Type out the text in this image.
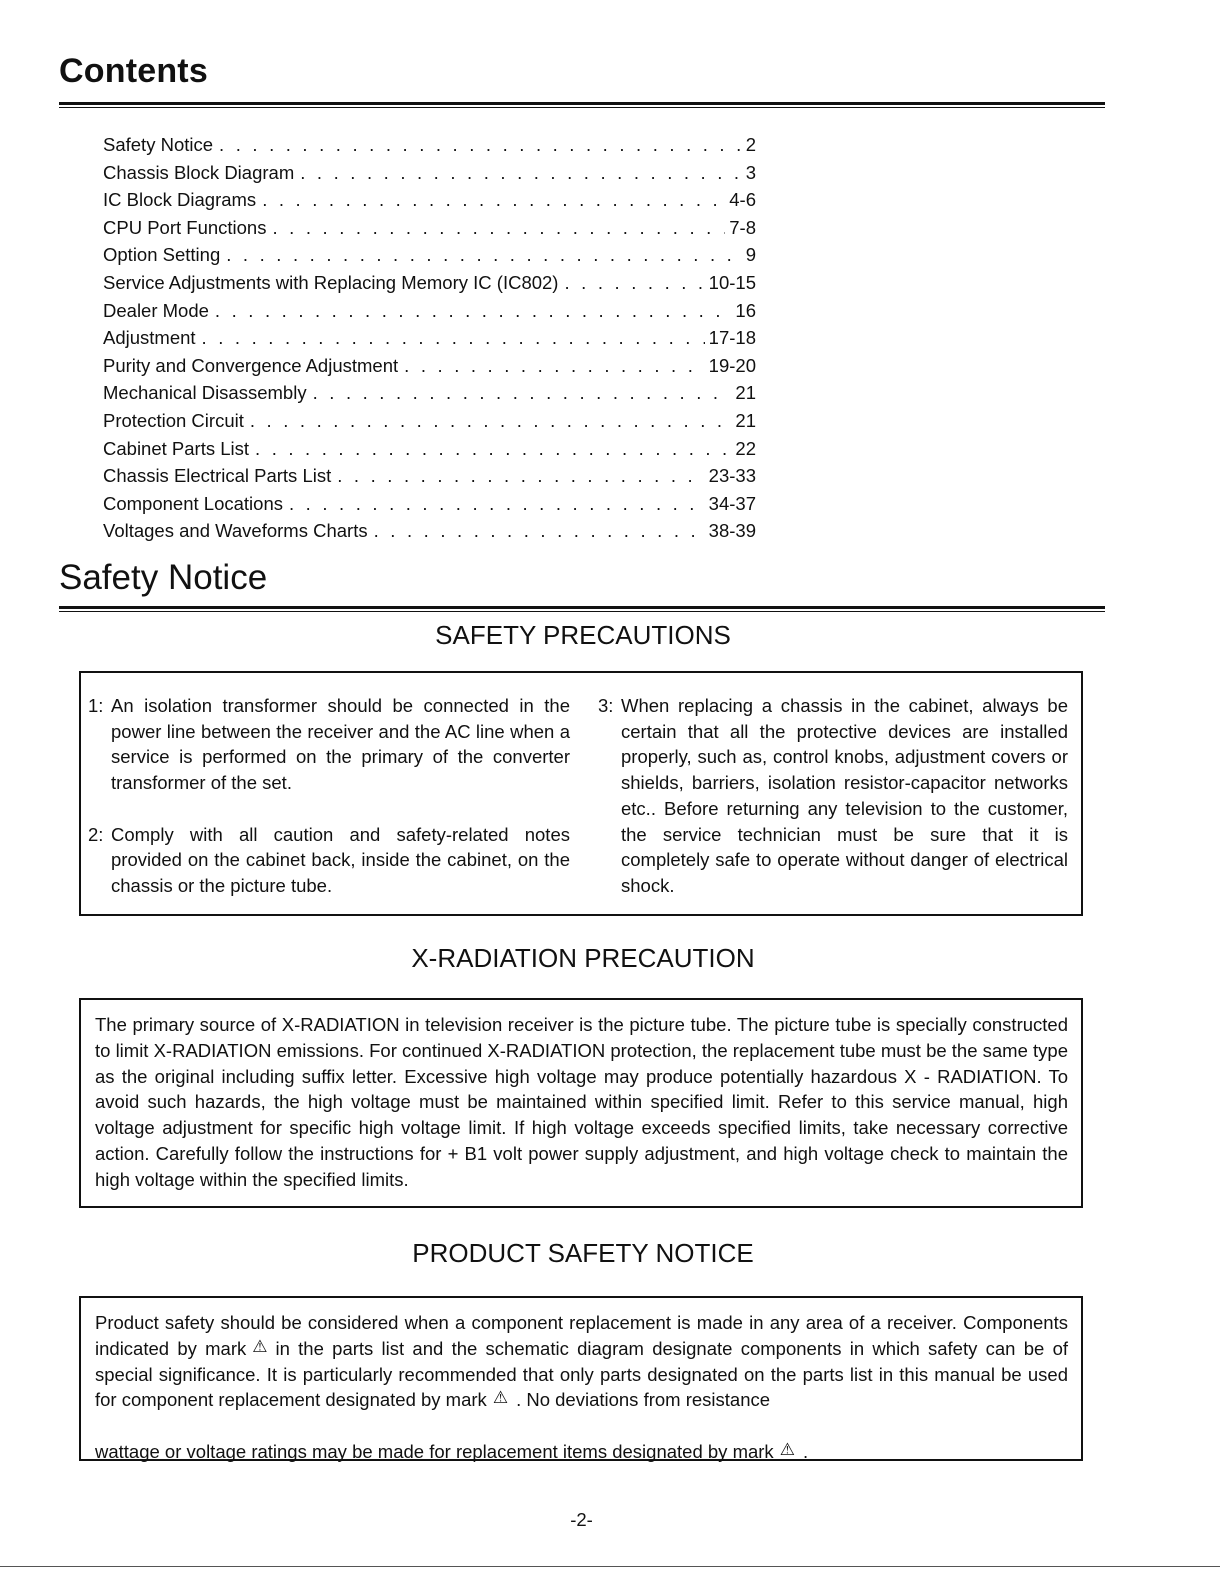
Contents
Safety Notice . . .	2
Chassis Block Diagram . . .	3
IC Block Diagrams . . .	4-6
CPU Port Functions . . .	7-8
Option Setting . . .	9
Service Adjustments with Replacing Memory IC (IC802) . . .	10-15
Dealer Mode . . .	16
Adjustment . . .	17-18
Purity and Convergence Adjustment . . .	19-20
Mechanical Disassembly . . .	21
Protection Circuit . . .	21
Cabinet Parts List . . .	22
Chassis Electrical Parts List . . .	23-33
Component Locations . . .	34-37
Voltages and Waveforms Charts . . .	38-39
Safety Notice
SAFETY PRECAUTIONS
1: An isolation transformer should be connected in the power line between the receiver and the AC line when a service is performed on the primary of the converter transformer of the set.
2: Comply with all caution and safety-related notes provided on the cabinet back, inside the cabinet, on the chassis or the picture tube.
3: When replacing a chassis in the cabinet, always be certain that all the protective devices are installed properly, such as, control knobs, adjustment covers or shields, barriers, isolation resistor-capacitor networks etc.. Before returning any television to the customer, the service technician must be sure that it is completely safe to operate without danger of electrical shock.
X-RADIATION PRECAUTION

The primary source of X-RADIATION in television receiver is the picture tube. The picture tube is specially constructed to limit X-RADIATION emissions. For continued X-RADIATION protection, the replacement tube must be the same type as the original including suffix letter. Excessive high voltage may produce potentially hazardous X - RADIATION. To avoid such hazards, the high voltage must be maintained within specified limit. Refer to this service manual, high voltage adjustment for specific high voltage limit. If high voltage exceeds specified limits, take necessary corrective action. Carefully follow the instructions for + B1 volt power supply adjustment, and high voltage check to maintain the high voltage within the specified limits.

PRODUCT SAFETY NOTICE

Product safety should be considered when a component replacement is made in any area of a receiver. Components indicated by mark ⚠ in the parts list and the schematic diagram designate components in which safety can be of special significance. It is particularly recommended that only parts designated on the parts list in this manual be used for component replacement designated by mark ⚠ . No deviations from resistance
wattage or voltage ratings may be made for replacement items designated by mark ⚠ .

-2-
